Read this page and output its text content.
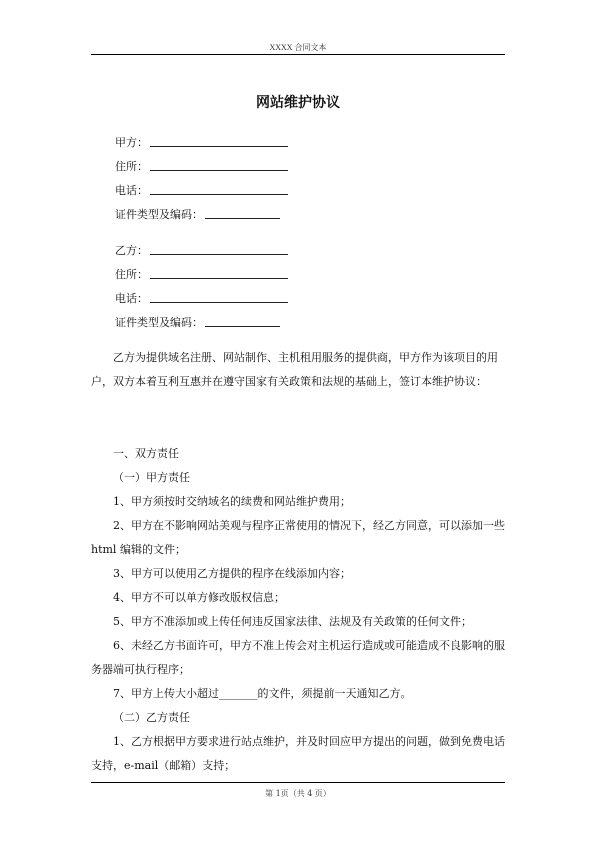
XXXX 合同文本
网站维护协议
甲方：
住所：
电话：
证件类型及编码：
乙方：
住所：
电话：
证件类型及编码：

乙方为提供域名注册、网站制作、主机租用服务的提供商，甲方作为该项目的用户，双方本着互利互惠并在遵守国家有关政策和法规的基础上，签订本维护协议：

一、双方责任

（一）甲方责任

1、甲方须按时交纳域名的续费和网站维护费用；

2、甲方在不影响网站美观与程序正常使用的情况下，经乙方同意，可以添加一些 html 编辑的文件；

3、甲方可以使用乙方提供的程序在线添加内容；

4、甲方不可以单方修改版权信息；

5、甲方不准添加或上传任何违反国家法律、法规及有关政策的任何文件；

6、未经乙方书面许可，甲方不准上传会对主机运行造成或可能造成不良影响的服务器端可执行程序；

7、甲方上传大小超过_______的文件，须提前一天通知乙方。

（二）乙方责任

1、乙方根据甲方要求进行站点维护，并及时回应甲方提出的问题，做到免费电话支持，e-mail（邮箱）支持；

第 1页（共 4 页）
